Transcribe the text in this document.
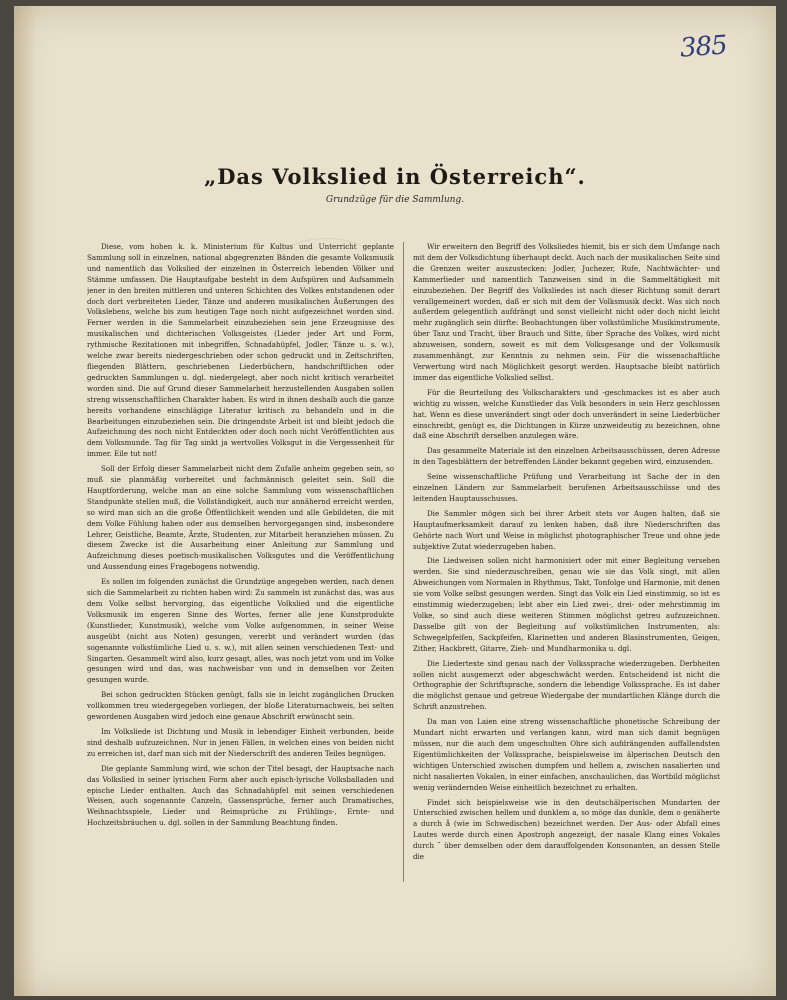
385
„Das Volkslied in Österreich“.
Grundzüge für die Sammlung.

Diese, vom hohen k. k. Ministerium für Kultus und Unterricht geplante Sammlung soll in einzelnen, national abgegrenzten Bänden die gesamte Volksmusik und namentlich das Volkslied der einzelnen in Österreich lebenden Völker und Stämme umfassen. Die Hauptaufgabe besteht in dem Aufspüren und Aufsammeln jener in den breiten mittleren und unteren Schichten des Volkes entstandenen oder doch dort verbreiteten Lieder, Tänze und anderen musikalischen Äußerungen des Volkslebens, welche bis zum heutigen Tage noch nicht aufgezeichnet worden sind. Ferner werden in die Sammelarbeit einzubeziehen sein jene Erzeugnisse des musikalischen und dichterischen Volksgeistes (Lieder jeder Art und Form, rythmische Rezitationen mit inbegriffen, Schnadahüpfel, Jodler, Tänze u. s. w.), welche zwar bereits niedergeschrieben oder schon gedruckt und in Zeitschriften, fliegenden Blättern, geschriebenen Liederbüchern, handschriftlichen oder gedruckten Sammlungen u. dgl. niedergelegt, aber noch nicht kritisch verarbeitet worden sind. Die auf Grund dieser Sammelarbeit herzustellenden Ausgaben sollen streng wissenschaftlichen Charakter haben. Es wird in ihnen deshalb auch die ganze bereits vorhandene einschlägige Literatur kritisch zu behandeln und in die Bearbeitungen einzubeziehen sein. Die dringendste Arbeit ist und bleibt jedoch die Aufzeichnung des noch nicht Entdeckten oder doch noch nicht Veröffentlichten aus dem Volksmunde. Tag für Tag sinkt ja wertvolles Volksgut in die Vergessenheit für immer. Eile tut not!

Soll der Erfolg dieser Sammelarbeit nicht dem Zufalle anheim gegeben sein, so muß sie planmäßig vorbereitet und fachmännisch geleitet sein. Soll die Hauptforderung, welche man an eine solche Sammlung vom wissenschaftlichen Standpunkte stellen muß, die Vollständigkeit, auch nur annähernd erreicht werden, so wird man sich an die große Öffentlichkeit wenden und alle Gebildeten, die mit dem Volke Fühlung haben oder aus demselben hervorgegangen sind, insbesondere Lehrer, Geistliche, Beamte, Ärzte, Studenten, zur Mitarbeit heranziehen müssen. Zu diesem Zwecke ist die Ausarbeitung einer Anleitung zur Sammlung und Aufzeichnung dieses poetisch-musikalischen Volksgutes und die Veröffentlichung und Aussendung eines Fragebogens notwendig.

Es sollen im folgenden zunächst die Grundzüge angegeben werden, nach denen sich die Sammelarbeit zu richten haben wird: Zu sammeln ist zunächst das, was aus dem Volke selbst hervorging, das eigentliche Volkslied und die eigentliche Volksmusik im engeren Sinne des Wortes, ferner alle jene Kunstprodukte (Kunstlieder, Kunstmusik), welche vom Volke aufgenommen, in seiner Weise ausgeübt (nicht aus Noten) gesungen, vererbt und verändert wurden (das sogenannte volkstümliche Lied u. s. w.), mit allen seinen verschiedenen Text- und Singarten. Gesammelt wird also, kurz gesagt, alles, was noch jetzt vom und im Volke gesungen wird und das, was nachweisbar von und in demselben vor Zeiten gesungen wurde.

Bei schon gedruckten Stücken genügt, falls sie in leicht zugänglichen Drucken vollkommen treu wiedergegeben vorliegen, der bloße Literaturnachweis, bei selten gewordenen Ausgaben wird jedoch eine genaue Abschrift erwünscht sein.

Im Volksliede ist Dichtung und Musik in lebendiger Einheit verbunden, beide sind deshalb aufzuzeichnen. Nur in jenen Fällen, in welchen eines von beiden nicht zu erreichen ist, darf man sich mit der Niederschrift des anderen Teiles begnügen.

Die geplante Sammlung wird, wie schon der Titel besagt, der Hauptsache nach das Volkslied in seiner lyrischen Form aber auch episch-lyrische Volksballaden und epische Lieder enthalten. Auch das Schnadahüpfel mit seinen verschiedenen Weisen, auch sogenannte Canzeln, Gassensprüche, ferner auch Dramatisches, Weihnachtsspiele, Lieder und Reimsprüche zu Frühlings-, Ernte- und Hochzeitsbräuchen u. dgl. sollen in der Sammlung Beachtung finden.

Wir erweitern den Begriff des Volksliedes hiemit, bis er sich dem Umfange nach mit dem der Volksdichtung überhaupt deckt. Auch nach der musikalischen Seite sind die Grenzen weiter auszustecken: Jodler, Juchezer, Rufe, Nachtwächter- und Kammerlieder und namentlich Tanzweisen sind in die Sammeltätigkeit mit einzubeziehen. Der Begriff des Volksliedes ist nach dieser Richtung somit derart verallgemeinert worden, daß er sich mit dem der Volksmusik deckt. Was sich noch außerdem gelegentlich aufdrängt und sonst vielleicht nicht oder doch nicht leicht mehr zugänglich sein dürfte: Beobachtungen über volkstümliche Musikinstrumente, über Tanz und Tracht, über Brauch und Sitte, über Sprache des Volkes, wird nicht abzuweisen, sondern, soweit es mit dem Volksgesange und der Volksmusik zusammenhängt, zur Kenntnis zu nehmen sein. Für die wissenschaftliche Verwertung wird nach Möglichkeit gesorgt werden. Hauptsache bleibt natürlich immer das eigentliche Volkslied selbst.

Für die Beurteilung des Volkscharakters und -geschmackes ist es aber auch wichtig zu wissen, welche Kunstlieder das Volk besonders in sein Herz geschlossen hat. Wenn es diese unverändert singt oder doch unverändert in seine Liederbücher einschreibt, genügt es, die Dichtungen in Kürze unzweideutig zu bezeichnen, ohne daß eine Abschrift derselben anzulegen wäre.

Das gesammelte Materiale ist den einzelnen Arbeitsausschüssen, deren Adresse in den Tagesblättern der betreffenden Länder bekannt gegeben wird, einzusenden.

Seine wissenschaftliche Prüfung und Verarbeitung ist Sache der in den einzelnen Ländern zur Sammelarbeit berufenen Arbeitsausschüsse und des leitenden Hauptausschusses.

Die Sammler mögen sich bei ihrer Arbeit stets vor Augen halten, daß sie Hauptaufmerksamkeit darauf zu lenken haben, daß ihre Niederschriften das Gehörte nach Wort und Weise in möglichst photographischer Treue und ohne jede subjektive Zutat wiederzugeben haben.

Die Liedweisen sollen nicht harmonisiert oder mit einer Begleitung versehen werden. Sie sind niederzuschreiben, genau wie sie das Volk singt, mit allen Abweichungen vom Normalen in Rhythmus, Takt, Tonfolge und Harmonie, mit denen sie vom Volke selbst gesungen werden. Singt das Volk ein Lied einstimmig, so ist es einstimmig wiederzugeben; lebt aber ein Lied zwei-, drei- oder mehrstimmig im Volke, so sind auch diese weiteren Stimmen möglichst getreu aufzuzeichnen. Dasselbe gilt von der Begleitung auf volkstümlichen Instrumenten, als: Schwegelpfeifen, Sackpfeifen, Klarinetten und anderen Blasinstrumenten, Geigen, Zither, Hackbrett, Gitarre, Zieh- und Mundharmonika u. dgl.

Die Liedertexte sind genau nach der Volkssprache wiederzugeben. Derbheiten sollen nicht ausgemerzt oder abgeschwächt werden. Entscheidend ist nicht die Orthographie der Schriftsprache, sondern die lebendige Volkssprache. Es ist daher die möglichst genaue und getreue Wiedergabe der mundartlichen Klänge durch die Schrift anzustreben.

Da man von Laien eine streng wissenschaftliche phonetische Schreibung der Mundart nicht erwarten und verlangen kann, wird man sich damit begnügen müssen, nur die auch dem ungeschulten Ohre sich aufdrängenden auffallendsten Eigentümlichkeiten der Volkssprache, beispielsweise im älperischen Deutsch den wichtigen Unterschied zwischen dumpfem und hellem a, zwischen nasalierten und nicht nasalierten Vokalen, in einer einfachen, anschaulichen, das Wortbild möglichst wenig verändernden Weise einheitlich bezeichnet zu erhalten.

Findet sich beispielsweise wie in den deutschälperischen Mundarten der Unterschied zwischen hellem und dunklem a, so möge das dunkle, dem o genäherte a durch å (wie im Schwedischen) bezeichnet werden. Der Aus- oder Abfall eines Lautes werde durch einen Apostroph angezeigt, der nasale Klang eines Vokales durch ˜ über demselben oder dem darauffolgenden Konsonanten, an dessen Stelle die
